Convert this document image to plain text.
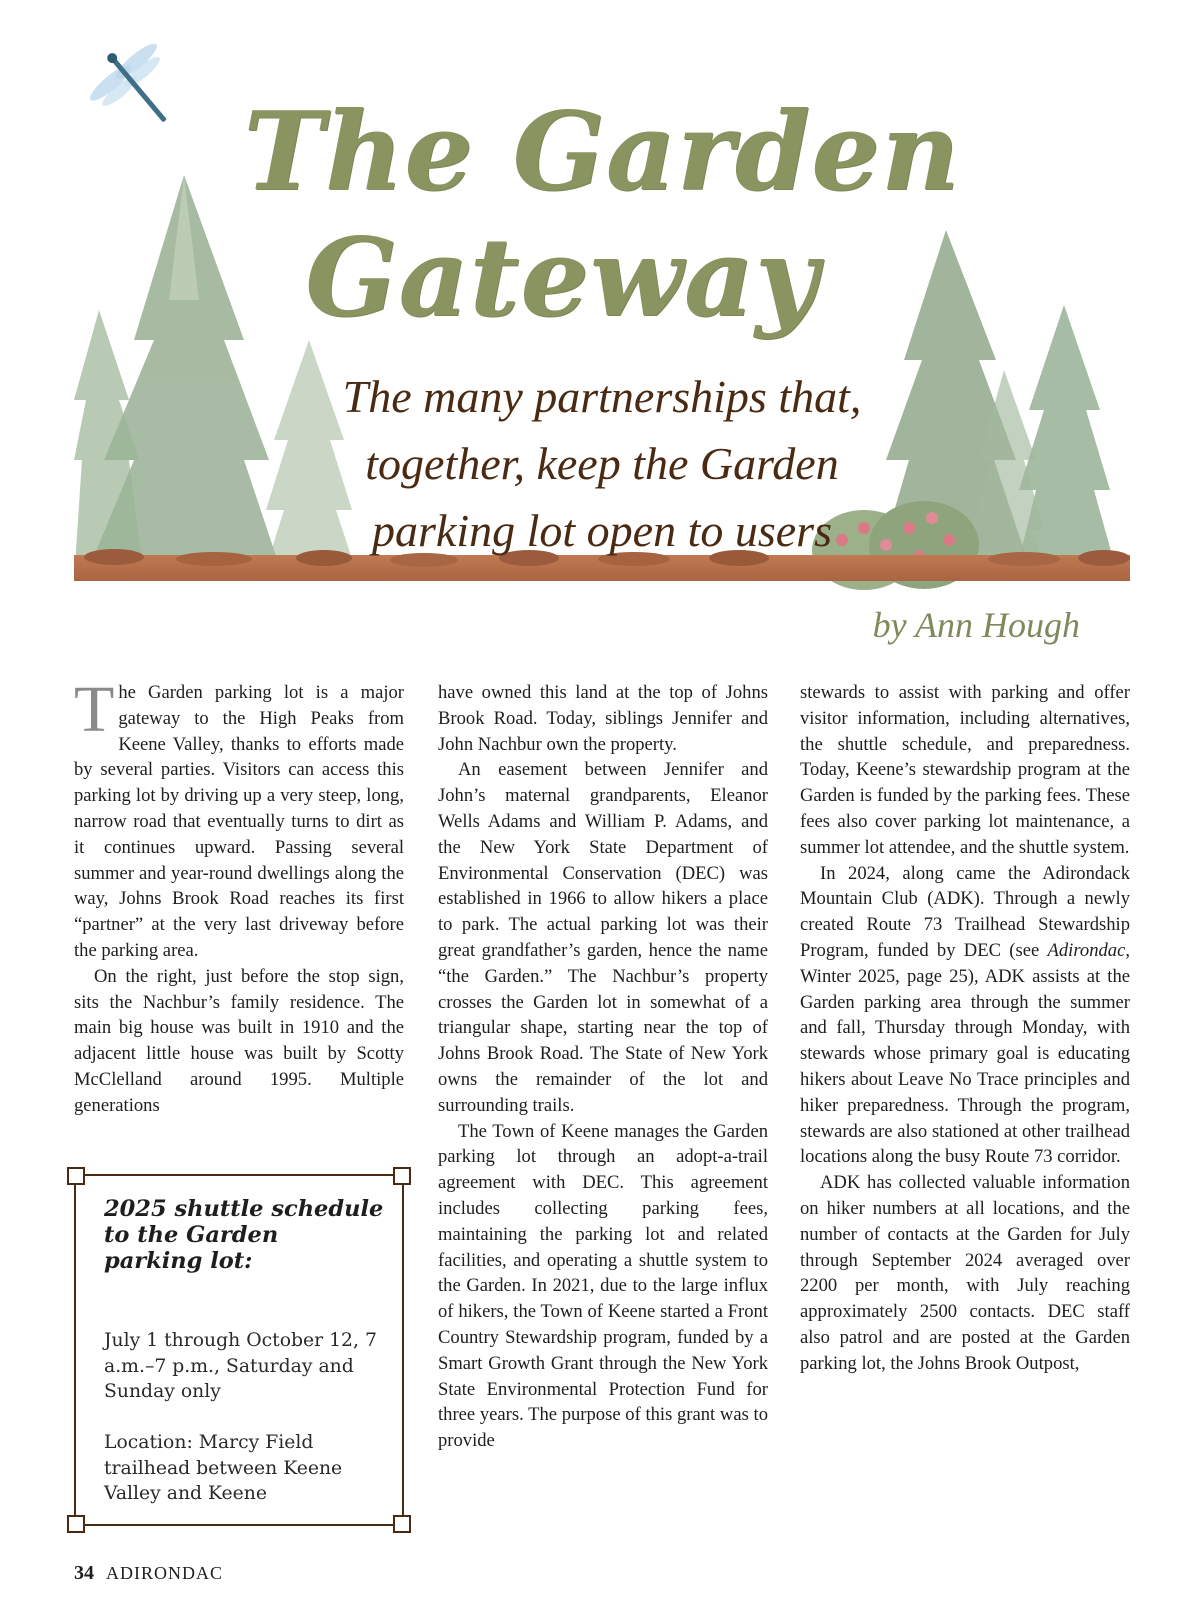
The Garden
Gateway
The many partnerships that,
together, keep the Garden
parking lot open to users
by Ann Hough

The Garden parking lot is a major gateway to the High Peaks from Keene Valley, thanks to efforts made by several parties. Visitors can access this parking lot by driving up a very steep, long, narrow road that eventually turns to dirt as it continues upward. Passing several summer and year-round dwellings along the way, Johns Brook Road reaches its first “partner” at the very last driveway before the parking area.

On the right, just before the stop sign, sits the Nachbur’s family residence. The main big house was built in 1910 and the adjacent little house was built by Scotty McClelland around 1995. Multiple generations

2025 shuttle schedule to the Garden parking lot:
July 1 through October 12, 7 a.m.–7 p.m., Saturday and Sunday only
Location: Marcy Field trailhead between Keene Valley and Keene

have owned this land at the top of Johns Brook Road. Today, siblings Jennifer and John Nachbur own the property.

An easement between Jennifer and John’s maternal grandparents, Eleanor Wells Adams and William P. Adams, and the New York State Department of Environmental Conservation (DEC) was established in 1966 to allow hikers a place to park. The actual parking lot was their great grandfather’s garden, hence the name “the Garden.” The Nachbur’s property crosses the Garden lot in somewhat of a triangular shape, starting near the top of Johns Brook Road. The State of New York owns the remainder of the lot and surrounding trails.

The Town of Keene manages the Garden parking lot through an adopt-a-trail agreement with DEC. This agreement includes collecting parking fees, maintaining the parking lot and related facilities, and operating a shuttle system to the Garden. In 2021, due to the large influx of hikers, the Town of Keene started a Front Country Stewardship program, funded by a Smart Growth Grant through the New York State Environmental Protection Fund for three years. The purpose of this grant was to provide

stewards to assist with parking and offer visitor information, including alternatives, the shuttle schedule, and preparedness. Today, Keene’s stewardship program at the Garden is funded by the parking fees. These fees also cover parking lot maintenance, a summer lot attendee, and the shuttle system.

In 2024, along came the Adirondack Mountain Club (ADK). Through a newly created Route 73 Trailhead Stewardship Program, funded by DEC (see Adirondac, Winter 2025, page 25), ADK assists at the Garden parking area through the summer and fall, Thursday through Monday, with stewards whose primary goal is educating hikers about Leave No Trace principles and hiker preparedness. Through the program, stewards are also stationed at other trailhead locations along the busy Route 73 corridor.

ADK has collected valuable information on hiker numbers at all locations, and the number of contacts at the Garden for July through September 2024 averaged over 2200 per month, with July reaching approximately 2500 contacts. DEC staff also patrol and are posted at the Garden parking lot, the Johns Brook Outpost,

34 ADIRONDAC
